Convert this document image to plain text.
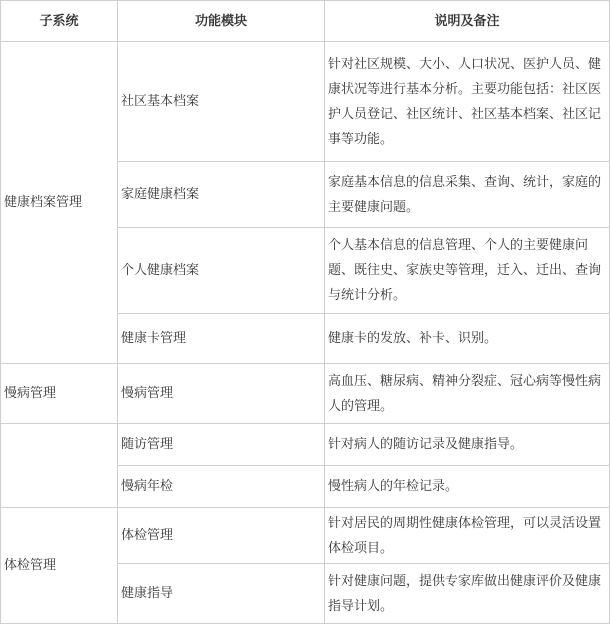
子系统	功能模块	说明及备注
健康档案管理	社区基本档案	针对社区规模、大小、人口状况、医护人员、健康状况等进行基本分析。主要功能包括：社区医护人员登记、社区统计、社区基本档案、社区记事等功能。
	家庭健康档案	家庭基本信息的信息采集、查询、统计，家庭的主要健康问题。
	个人健康档案	个人基本信息的信息管理、个人的主要健康问题、既往史、家族史等管理，迁入、迁出、查询与统计分析。
	健康卡管理	健康卡的发放、补卡、识别。
慢病管理	慢病管理	高血压、糖尿病、精神分裂症、冠心病等慢性病人的管理。
	随访管理	针对病人的随访记录及健康指导。
	慢病年检	慢性病人的年检记录。
体检管理	体检管理	针对居民的周期性健康体检管理，可以灵活设置体检项目。
	健康指导	针对健康问题，提供专家库做出健康评价及健康指导计划。
